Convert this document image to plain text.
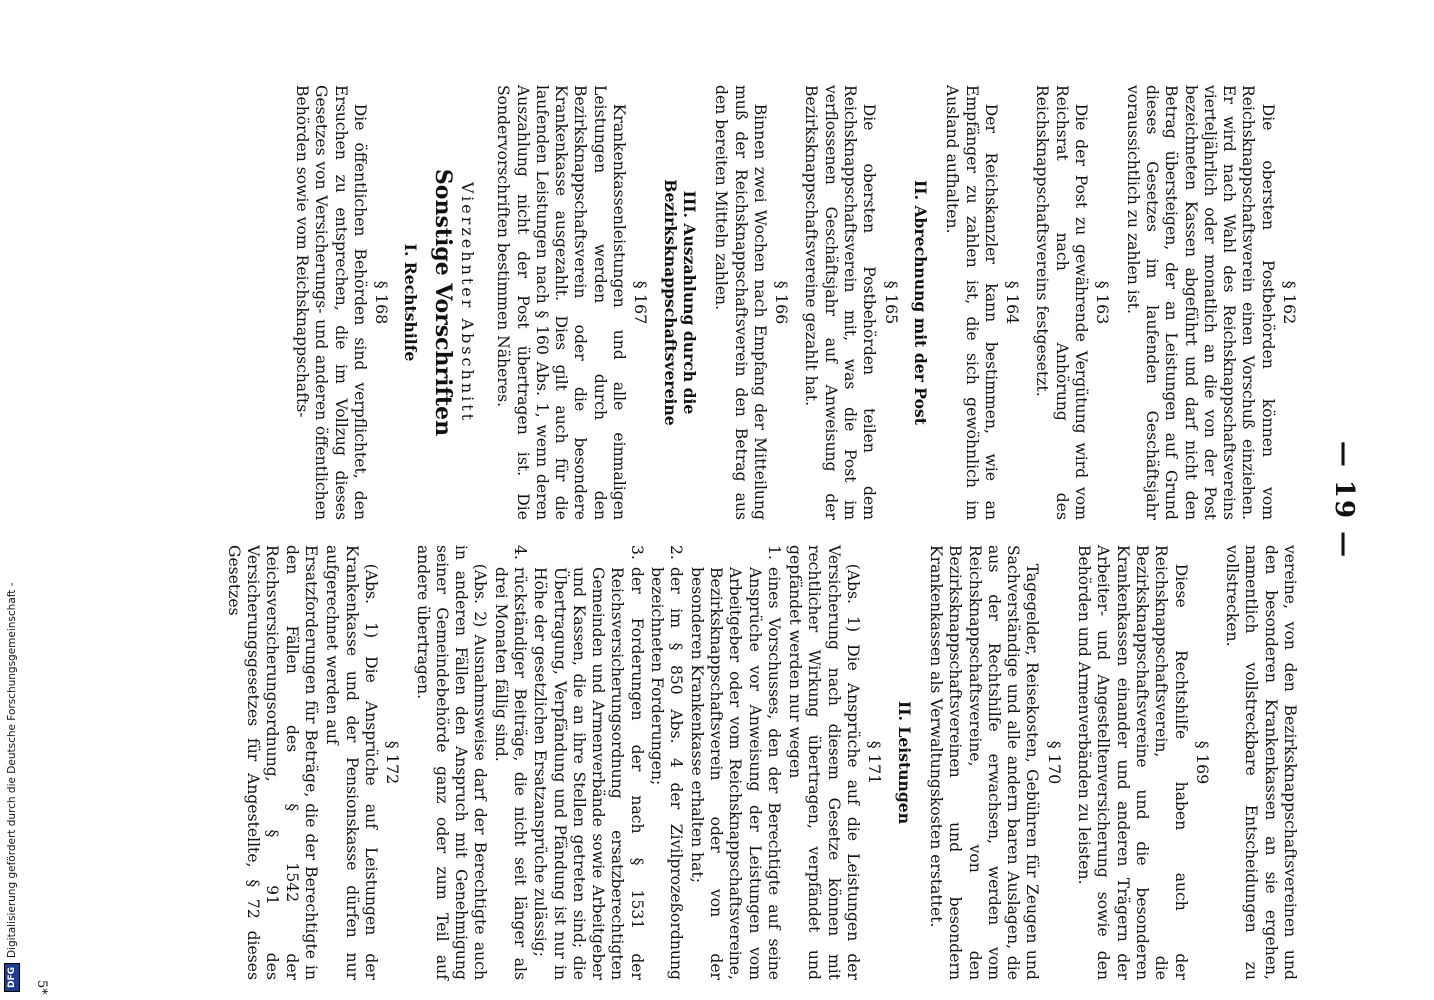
— 19 —
§ 162

Die obersten Postbehörden können vom Reichsknappschaftsverein einen Vorschuß einziehen. Er wird nach Wahl des Reichsknappschaftsvereins vierteljährlich oder monatlich an die von der Post bezeichneten Kassen abgeführt und darf nicht den Betrag übersteigen, der an Leistungen auf Grund dieses Gesetzes im laufenden Geschäftsjahr voraussichtlich zu zahlen ist.

§ 163

Die der Post zu gewährende Vergütung wird vom Reichsrat nach Anhörung des Reichsknappschaftsvereins festgesetzt.

§ 164

Der Reichskanzler kann bestimmen, wie an Empfänger zu zahlen ist, die sich gewöhnlich im Ausland aufhalten.

II. Abrechnung mit der Post
§ 165

Die obersten Postbehörden teilen dem Reichsknappschaftsverein mit, was die Post im verflossenen Geschäftsjahr auf Anweisung der Bezirksknappschaftsvereine gezahlt hat.

§ 166

Binnen zwei Wochen nach Empfang der Mitteilung muß der Reichsknappschaftsverein den Betrag aus den bereiten Mitteln zahlen.

III. Auszahlung durch die Bezirksknappschaftsvereine
§ 167

Krankenkassenleistungen und alle einmaligen Leistungen werden durch den Bezirksknappschaftsverein oder die besondere Krankenkasse ausgezahlt. Dies gilt auch für die laufenden Leistungen nach § 160 Abs. 1, wenn deren Auszahlung nicht der Post übertragen ist. Die Sondervorschriften bestimmen Näheres.

Vierzehnter Abschnitt
Sonstige Vorschriften
I. Rechtshilfe
§ 168

Die öffentlichen Behörden sind verpflichtet, den Ersuchen zu entsprechen, die im Vollzug dieses Gesetzes von Versicherungs- und anderen öffentlichen Behörden sowie vom Reichsknappschafts-

vereine, von den Bezirksknappschaftsvereinen und den besonderen Krankenkassen an sie ergehen, namentlich vollstreckbare Entscheidungen zu vollstrecken.

§ 169

Diese Rechtshilfe haben auch der Reichsknappschaftsverein, die Bezirksknappschaftsvereine und die besonderen Krankenkassen einander und anderen Trägern der Arbeiter- und Angestelltenversicherung sowie den Behörden und Armenverbänden zu leisten.

§ 170

Tagegelder, Reisekosten, Gebühren für Zeugen und Sachverständige und alle andern baren Auslagen, die aus der Rechtshilfe erwachsen, werden vom Reichsknappschaftsvereine, von den Bezirksknappschaftsvereinen und besondern Krankenkassen als Verwaltungskosten erstattet.

II. Leistungen
§ 171

(Abs. 1) Die Ansprüche auf die Leistungen der Versicherung nach diesem Gesetze können mit rechtlicher Wirkung übertragen, verpfändet und gepfändet werden nur wegen

1.
eines Vorschusses, den der Berechtigte auf seine Ansprüche vor Anweisung der Leistungen vom Arbeitgeber oder vom Reichsknappschaftsvereine, Bezirksknappschaftsverein oder von der besonderen Krankenkasse erhalten hat;
2.
der im § 850 Abs. 4 der Zivilprozeßordnung bezeichneten Forderungen;
3.
der Forderungen der nach § 1531 der Reichsversicherungsordnung ersatzberechtigten Gemeinden und Armenverbände sowie Arbeitgeber und Kassen, die an ihre Stellen getreten sind; die Übertragung, Verpfändung und Pfändung ist nur in Höhe der gesetzlichen Ersatzansprüche zulässig;
4.
rückständiger Beiträge, die nicht seit länger als drei Monaten fällig sind.

(Abs. 2) Ausnahmsweise darf der Berechtigte auch in anderen Fällen den Anspruch mit Genehmigung seiner Gemeindebehörde ganz oder zum Teil auf andere übertragen.

§ 172

(Abs. 1) Die Ansprüche auf Leistungen der Krankenkasse und der Pensionskasse dürfen nur aufgerechnet werden auf

Ersatzforderungen für Beträge, die der Berechtigte in den Fällen des § 1542 der Reichsversicherungsordnung, § 91 des Versicherungsgesetzes für Angestellte, § 72 dieses Gesetzes

5*
DFG
Digitalisierung gefördert durch die Deutsche Forschungsgemeinschaft -
